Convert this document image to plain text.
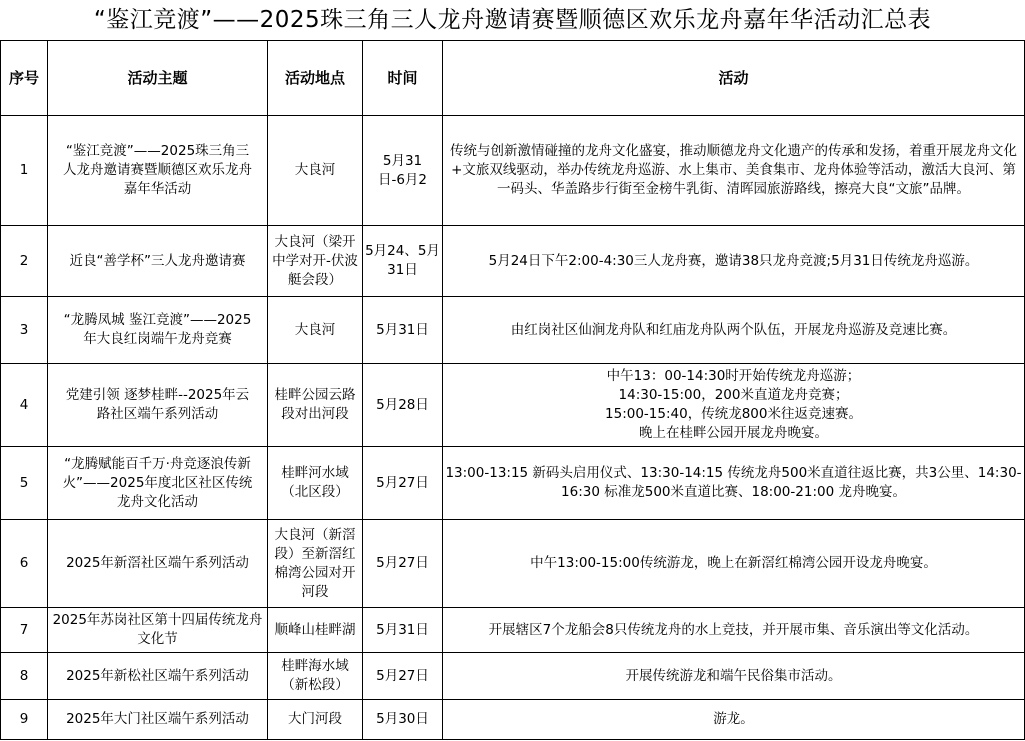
“鉴江竞渡”——2025珠三角三人龙舟邀请赛暨顺德区欢乐龙舟嘉年华活动汇总表
序号	活动主题	活动地点	时间	活动
1	“鉴江竞渡”——2025珠三角三人龙舟邀请赛暨顺德区欢乐龙舟嘉年华活动	大良河	5月31日-6月2	传统与创新激情碰撞的龙舟文化盛宴，推动顺德龙舟文化遗产的传承和发扬，着重开展龙舟文化+文旅双线驱动，举办传统龙舟巡游、水上集市、美食集市、龙舟体验等活动，激活大良河、第一码头、华盖路步行街至金榜牛乳街、清晖园旅游路线，擦亮大良“文旅”品牌。
2	近良“善学杯”三人龙舟邀请赛	大良河（梁开中学对开-伏波艇会段）	5月24、5月31日	5月24日下午2:00-4:30三人龙舟赛，邀请38只龙舟竞渡;5月31日传统龙舟巡游。
3	“龙腾凤城 鉴江竞渡”——2025年大良红岗端午龙舟竞赛	大良河	5月31日	由红岗社区仙涧龙舟队和红庙龙舟队两个队伍，开展龙舟巡游及竞速比赛。
4	党建引领 逐梦桂畔--2025年云路社区端午系列活动	桂畔公园云路段对出河段	5月28日	中午13：00-14:30时开始传统龙舟巡游；
14:30-15:00，200米直道龙舟竞赛；
15:00-15:40，传统龙800米往返竞速赛。
晚上在桂畔公园开展龙舟晚宴。

5	“龙腾赋能百千万·舟竞逐浪传新火”——2025年度北区社区传统龙舟文化活动	桂畔河水域（北区段）	5月27日	13:00-13:15 新码头启用仪式、13:30-14:15 传统龙舟500米直道往返比赛，共3公里、14:30-16:30 标准龙500米直道比赛、18:00-21:00 龙舟晚宴。
6	2025年新滘社区端午系列活动	大良河（新滘段）至新滘红棉湾公园对开河段	5月27日	中午13:00-15:00传统游龙，晚上在新滘红棉湾公园开设龙舟晚宴。
7	2025年苏岗社区第十四届传统龙舟文化节	顺峰山桂畔湖	5月31日	开展辖区7个龙船会8只传统龙舟的水上竞技，并开展市集、音乐演出等文化活动。
8	2025年新松社区端午系列活动	桂畔海水域（新松段）	5月27日	开展传统游龙和端午民俗集市活动。
9	2025年大门社区端午系列活动	大门河段	5月30日	游龙。
